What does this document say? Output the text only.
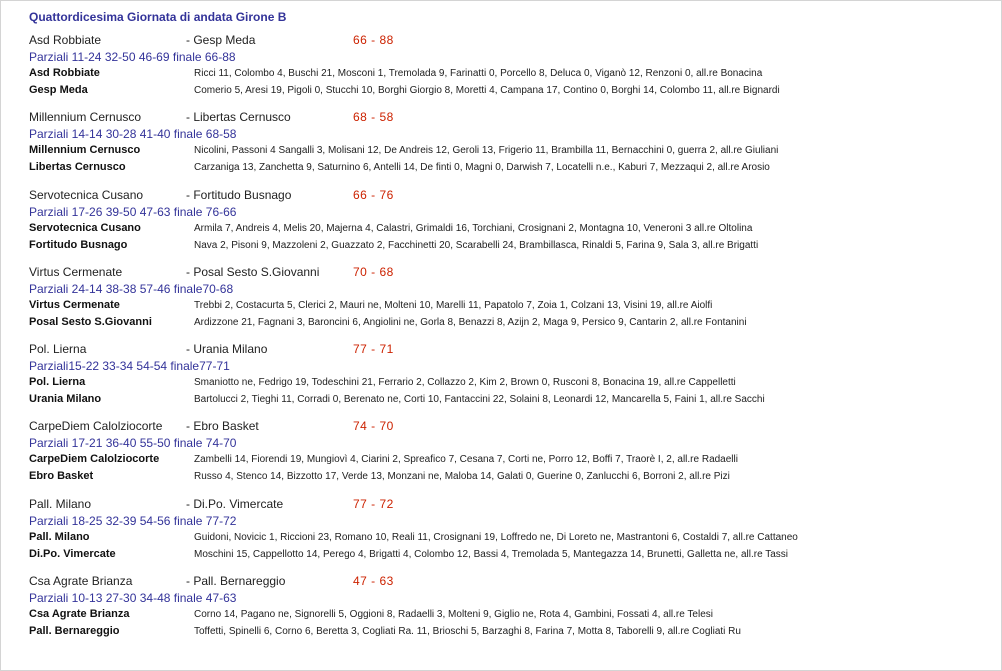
Quattordicesima Giornata di andata Girone B
Asd Robbiate	- Gesp Meda	66 - 88
Parziali 11-24 32-50 46-69 finale 66-88
Asd Robbiate	Ricci 11, Colombo 4, Buschi 21, Mosconi 1, Tremolada 9, Farinatti 0, Porcello 8, Deluca 0, Viganò 12, Renzoni 0, all.re Bonacina
Gesp Meda	Comerio 5, Aresi 19, Pigoli 0, Stucchi 10, Borghi Giorgio 8, Moretti 4, Campana 17, Contino 0, Borghi 14, Colombo 11, all.re Bignardi
Millennium Cernusco	- Libertas Cernusco	68 - 58
Parziali 14-14 30-28 41-40 finale 68-58
Millennium Cernusco	Nicolini, Passoni 4 Sangalli 3, Molisani 12, De Andreis 12, Geroli 13, Frigerio 11, Brambilla 11, Bernacchini 0, guerra 2, all.re Giuliani
Libertas Cernusco	Carzaniga 13, Zanchetta 9, Saturnino 6, Antelli 14, De finti 0, Magni 0, Darwish 7, Locatelli n.e., Kaburi 7, Mezzaqui 2, all.re Arosio
Servotecnica Cusano	- Fortitudo Busnago	66 - 76
Parziali 17-26 39-50 47-63 finale 76-66
Servotecnica Cusano	Armila 7, Andreis 4, Melis 20, Majerna 4, Calastri, Grimaldi 16, Torchiani, Crosignani 2, Montagna 10, Veneroni 3 all.re Oltolina
Fortitudo Busnago	Nava 2, Pisoni 9, Mazzoleni 2, Guazzato 2, Facchinetti 20, Scarabelli 24, Brambillasca, Rinaldi 5, Farina 9, Sala 3, all.re Brigatti
Virtus Cermenate	- Posal Sesto S.Giovanni	70 - 68
Parziali 24-14 38-38 57-46 finale70-68
Virtus Cermenate	Trebbi 2, Costacurta 5, Clerici 2, Mauri ne, Molteni 10, Marelli 11, Papatolo 7, Zoia 1, Colzani 13, Visini 19, all.re Aiolfi
Posal Sesto S.Giovanni	Ardizzone 21, Fagnani 3, Baroncini 6, Angiolini ne, Gorla 8, Benazzi 8, Azijn 2, Maga 9, Persico 9, Cantarin 2, all.re Fontanini
Pol. Lierna	- Urania Milano	77 - 71
Parziali15-22 33-34 54-54 finale77-71
Pol. Lierna	Smaniotto ne, Fedrigo 19, Todeschini 21, Ferrario 2, Collazzo 2, Kim 2, Brown 0, Rusconi 8, Bonacina 19, all.re Cappelletti
Urania Milano	Bartolucci 2, Tieghi 11, Corradi 0, Berenato ne, Corti 10, Fantaccini 22, Solaini 8, Leonardi 12, Mancarella 5, Faini 1, all.re Sacchi
CarpeDiem Calolziocorte - Ebro Basket	74 - 70
Parziali 17-21 36-40 55-50 finale 74-70
CarpeDiem Calolziocorte	Zambelli 14, Fiorendi 19, Mungiovì 4, Ciarini 2, Spreafico 7, Cesana 7, Corti ne, Porro 12, Boffi 7, Traorè I, 2, all.re Radaelli
Ebro Basket	Russo 4, Stenco 14, Bizzotto 17, Verde 13, Monzani ne, Maloba 14, Galati 0, Guerine 0, Zanlucchi 6, Borroni 2, all.re Pizi
Pall. Milano	- Di.Po. Vimercate	77 - 72
Parziali 18-25 32-39 54-56 finale 77-72
Pall. Milano	Guidoni, Novicic 1, Riccioni 23, Romano 10, Reali 11, Crosignani 19, Loffredo ne, Di Loreto ne, Mastrantoni 6, Costaldi 7, all.re Cattaneo
Di.Po. Vimercate	Moschini 15, Cappellotto 14, Perego 4, Brigatti 4, Colombo 12, Bassi 4, Tremolada 5, Mantegazza 14, Brunetti, Galletta ne, all.re Tassi
Csa Agrate Brianza	- Pall. Bernareggio	47 - 63
Parziali 10-13 27-30 34-48 finale 47-63
Csa Agrate Brianza	Corno 14, Pagano ne, Signorelli 5, Oggioni 8, Radaelli 3, Molteni 9, Giglio ne, Rota 4, Gambini, Fossati 4, all.re Telesi
Pall. Bernareggio	Toffetti, Spinelli 6, Corno 6, Beretta 3, Cogliati Ra. 11, Brioschi 5, Barzaghi 8, Farina 7, Motta 8, Taborelli 9, all.re Cogliati Ru
